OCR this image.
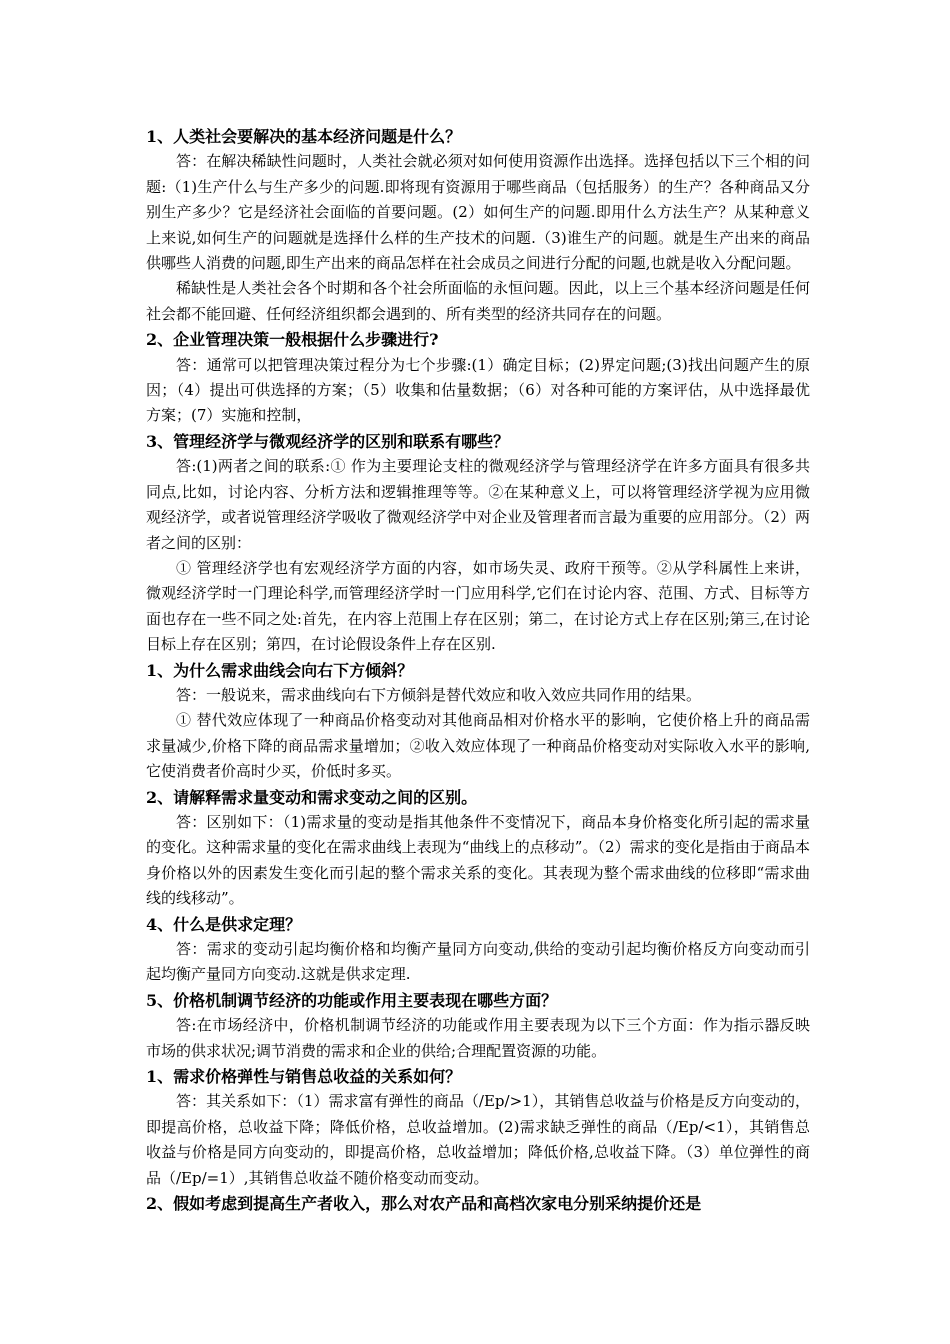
1、人类社会要解决的基本经济问题是什么？

答：在解决稀缺性问题时，人类社会就必须对如何使用资源作出选择。选择包括以下三个相的问题:（1)生产什么与生产多少的问题.即将现有资源用于哪些商品（包括服务）的生产？各种商品又分别生产多少？它是经济社会面临的首要问题。(2）如何生产的问题.即用什么方法生产？从某种意义上来说,如何生产的问题就是选择什么样的生产技术的问题.（3)谁生产的问题。就是生产出来的商品供哪些人消费的问题,即生产出来的商品怎样在社会成员之间进行分配的问题,也就是收入分配问题。

稀缺性是人类社会各个时期和各个社会所面临的永恒问题。因此，以上三个基本经济问题是任何社会都不能回避、任何经济组织都会遇到的、所有类型的经济共同存在的问题。

2、企业管理决策一般根据什么步骤进行?

答：通常可以把管理决策过程分为七个步骤:(1）确定目标；(2)界定问题;(3)找出问题产生的原因；（4）提出可供选择的方案；（5）收集和估量数据；（6）对各种可能的方案评估，从中选择最优方案；(7）实施和控制，

3、管理经济学与微观经济学的区别和联系有哪些？

答:(1)两者之间的联系:① 作为主要理论支柱的微观经济学与管理经济学在许多方面具有很多共同点,比如，讨论内容、分析方法和逻辑推理等等。②在某种意义上，可以将管理经济学视为应用微观经济学，或者说管理经济学吸收了微观经济学中对企业及管理者而言最为重要的应用部分。（2）两者之间的区别：

① 管理经济学也有宏观经济学方面的内容，如市场失灵、政府干预等。②从学科属性上来讲，微观经济学时一门理论科学,而管理经济学时一门应用科学,它们在讨论内容、范围、方式、目标等方面也存在一些不同之处:首先，在内容上范围上存在区别；第二，在讨论方式上存在区别;第三,在讨论目标上存在区别；第四，在讨论假设条件上存在区别.

1、为什么需求曲线会向右下方倾斜？

答：一般说来，需求曲线向右下方倾斜是替代效应和收入效应共同作用的结果。

① 替代效应体现了一种商品价格变动对其他商品相对价格水平的影响，它使价格上升的商品需求量减少,价格下降的商品需求量增加；②收入效应体现了一种商品价格变动对实际收入水平的影响,它使消费者价高时少买，价低时多买。

2、请解释需求量变动和需求变动之间的区别。

答：区别如下：（1)需求量的变动是指其他条件不变情况下，商品本身价格变化所引起的需求量的变化。这种需求量的变化在需求曲线上表现为“曲线上的点移动”。（2）需求的变化是指由于商品本身价格以外的因素发生变化而引起的整个需求关系的变化。其表现为整个需求曲线的位移即“需求曲线的线移动”。

4、什么是供求定理？

答：需求的变动引起均衡价格和均衡产量同方向变动,供给的变动引起均衡价格反方向变动而引起均衡产量同方向变动.这就是供求定理.

5、价格机制调节经济的功能或作用主要表现在哪些方面？

答:在市场经济中，价格机制调节经济的功能或作用主要表现为以下三个方面：作为指示器反映市场的供求状况;调节消费的需求和企业的供给;合理配置资源的功能。

1、需求价格弹性与销售总收益的关系如何？

答：其关系如下：（1）需求富有弹性的商品（/Ep/>1），其销售总收益与价格是反方向变动的，即提高价格，总收益下降；降低价格，总收益增加。(2)需求缺乏弹性的商品（/Ep/<1），其销售总收益与价格是同方向变动的，即提高价格，总收益增加；降低价格,总收益下降。（3）单位弹性的商品（/Ep/=1）,其销售总收益不随价格变动而变动。

2、假如考虑到提高生产者收入，那么对农产品和高档次家电分别采纳提价还是
